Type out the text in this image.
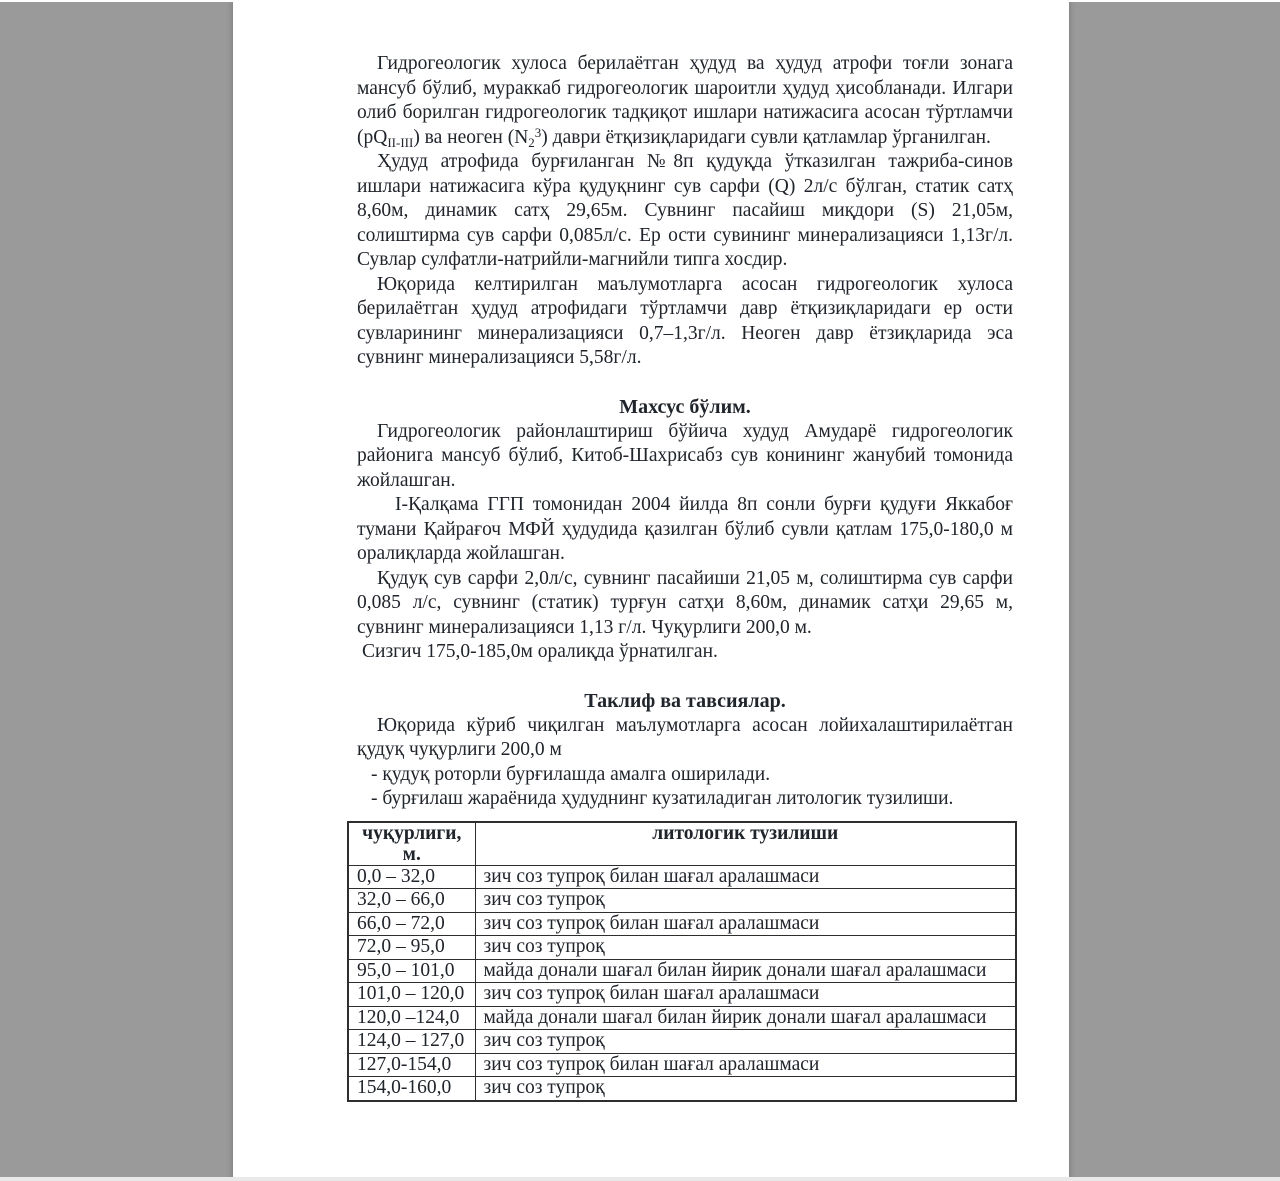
Гидрогеологик хулоса берилаётган ҳудуд ва ҳудуд атрофи тоғли зонага мансуб бўлиб, мураккаб гидрогеологик шароитли ҳудуд ҳисобланади. Илгари олиб борилган гидрогеологик тадқиқот ишлари натижасига асосан тўртламчи $(pQ_{II-III})$ ва неоген $(N_2^3)$ даври ётқизиқларидаги сувли қатламлар ўрганилган.

Ҳудуд атрофида бурғиланган №8п қудуқда ўтказилган тажриба-синов ишлари натижасига кўра қудуқнинг сув сарфи (Q) 2л/с бўлган, статик сатҳ 8,60м, динамик сатҳ 29,65м. Сувнинг пасайиш миқдори (S) 21,05м, солиштирма сув сарфи 0,085л/с. Ер ости сувининг минерализацияси 1,13г/л. Сувлар сулфатли-натрийли-магнийли типга хосдир.

Юқорида келтирилган маълумотларга асосан гидрогеологик хулоса берилаётган ҳудуд атрофидаги тўртламчи давр ётқизиқларидаги ер ости сувларининг минерализацияси 0,7–1,3г/л. Неоген давр ётзиқларида эса сувнинг минерализацияси 5,58г/л.

Махсус бўлим.

Гидрогеологик районлаштириш бўйича худуд Амударё гидрогеологик районига мансуб бўлиб, Китоб-Шахрисабз сув конининг жанубий томонида жойлашган.

I-Қалқама ГГП томонидан 2004 йилда 8п сонли бурғи қудуғи Яккабоғ тумани Қайрағоч МФЙ ҳудудида қазилган бўлиб сувли қатлам 175,0-180,0 м оралиқларда жойлашган.

Қудуқ сув сарфи 2,0л/с, сувнинг пасайиши 21,05 м, солиштирма сув сарфи 0,085 л/с, сувнинг (статик) турғун сатҳи 8,60м, динамик сатҳи 29,65 м, сувнинг минерализацияси 1,13 г/л. Чуқурлиги 200,0 м.

Сизгич 175,0-185,0м оралиқда ўрнатилган.

Таклиф ва тавсиялар.

Юқорида кўриб чиқилган маълумотларга асосан лойихалаштирилаётган қудуқ чуқурлиги 200,0 м

- қудуқ роторли бурғилашда амалга оширилади.

- бурғилаш жараёнида ҳудуднинг кузатиладиган литологик тузилиши.

чуқурлиги, м.	литологик тузилиши
0,0 – 32,0	зич соз тупроқ билан шағал аралашмаси
32,0 – 66,0	зич соз тупроқ
66,0 – 72,0	зич соз тупроқ билан шағал аралашмаси
72,0 – 95,0	зич соз тупроқ
95,0 – 101,0	майда донали шағал билан йирик донали шағал аралашмаси
101,0 – 120,0	зич соз тупроқ билан шағал аралашмаси
120,0 –124,0	майда донали шағал билан йирик донали шағал аралашмаси
124,0 – 127,0	зич соз тупроқ
127,0-154,0	зич соз тупроқ билан шағал аралашмаси
154,0-160,0	зич соз тупроқ
